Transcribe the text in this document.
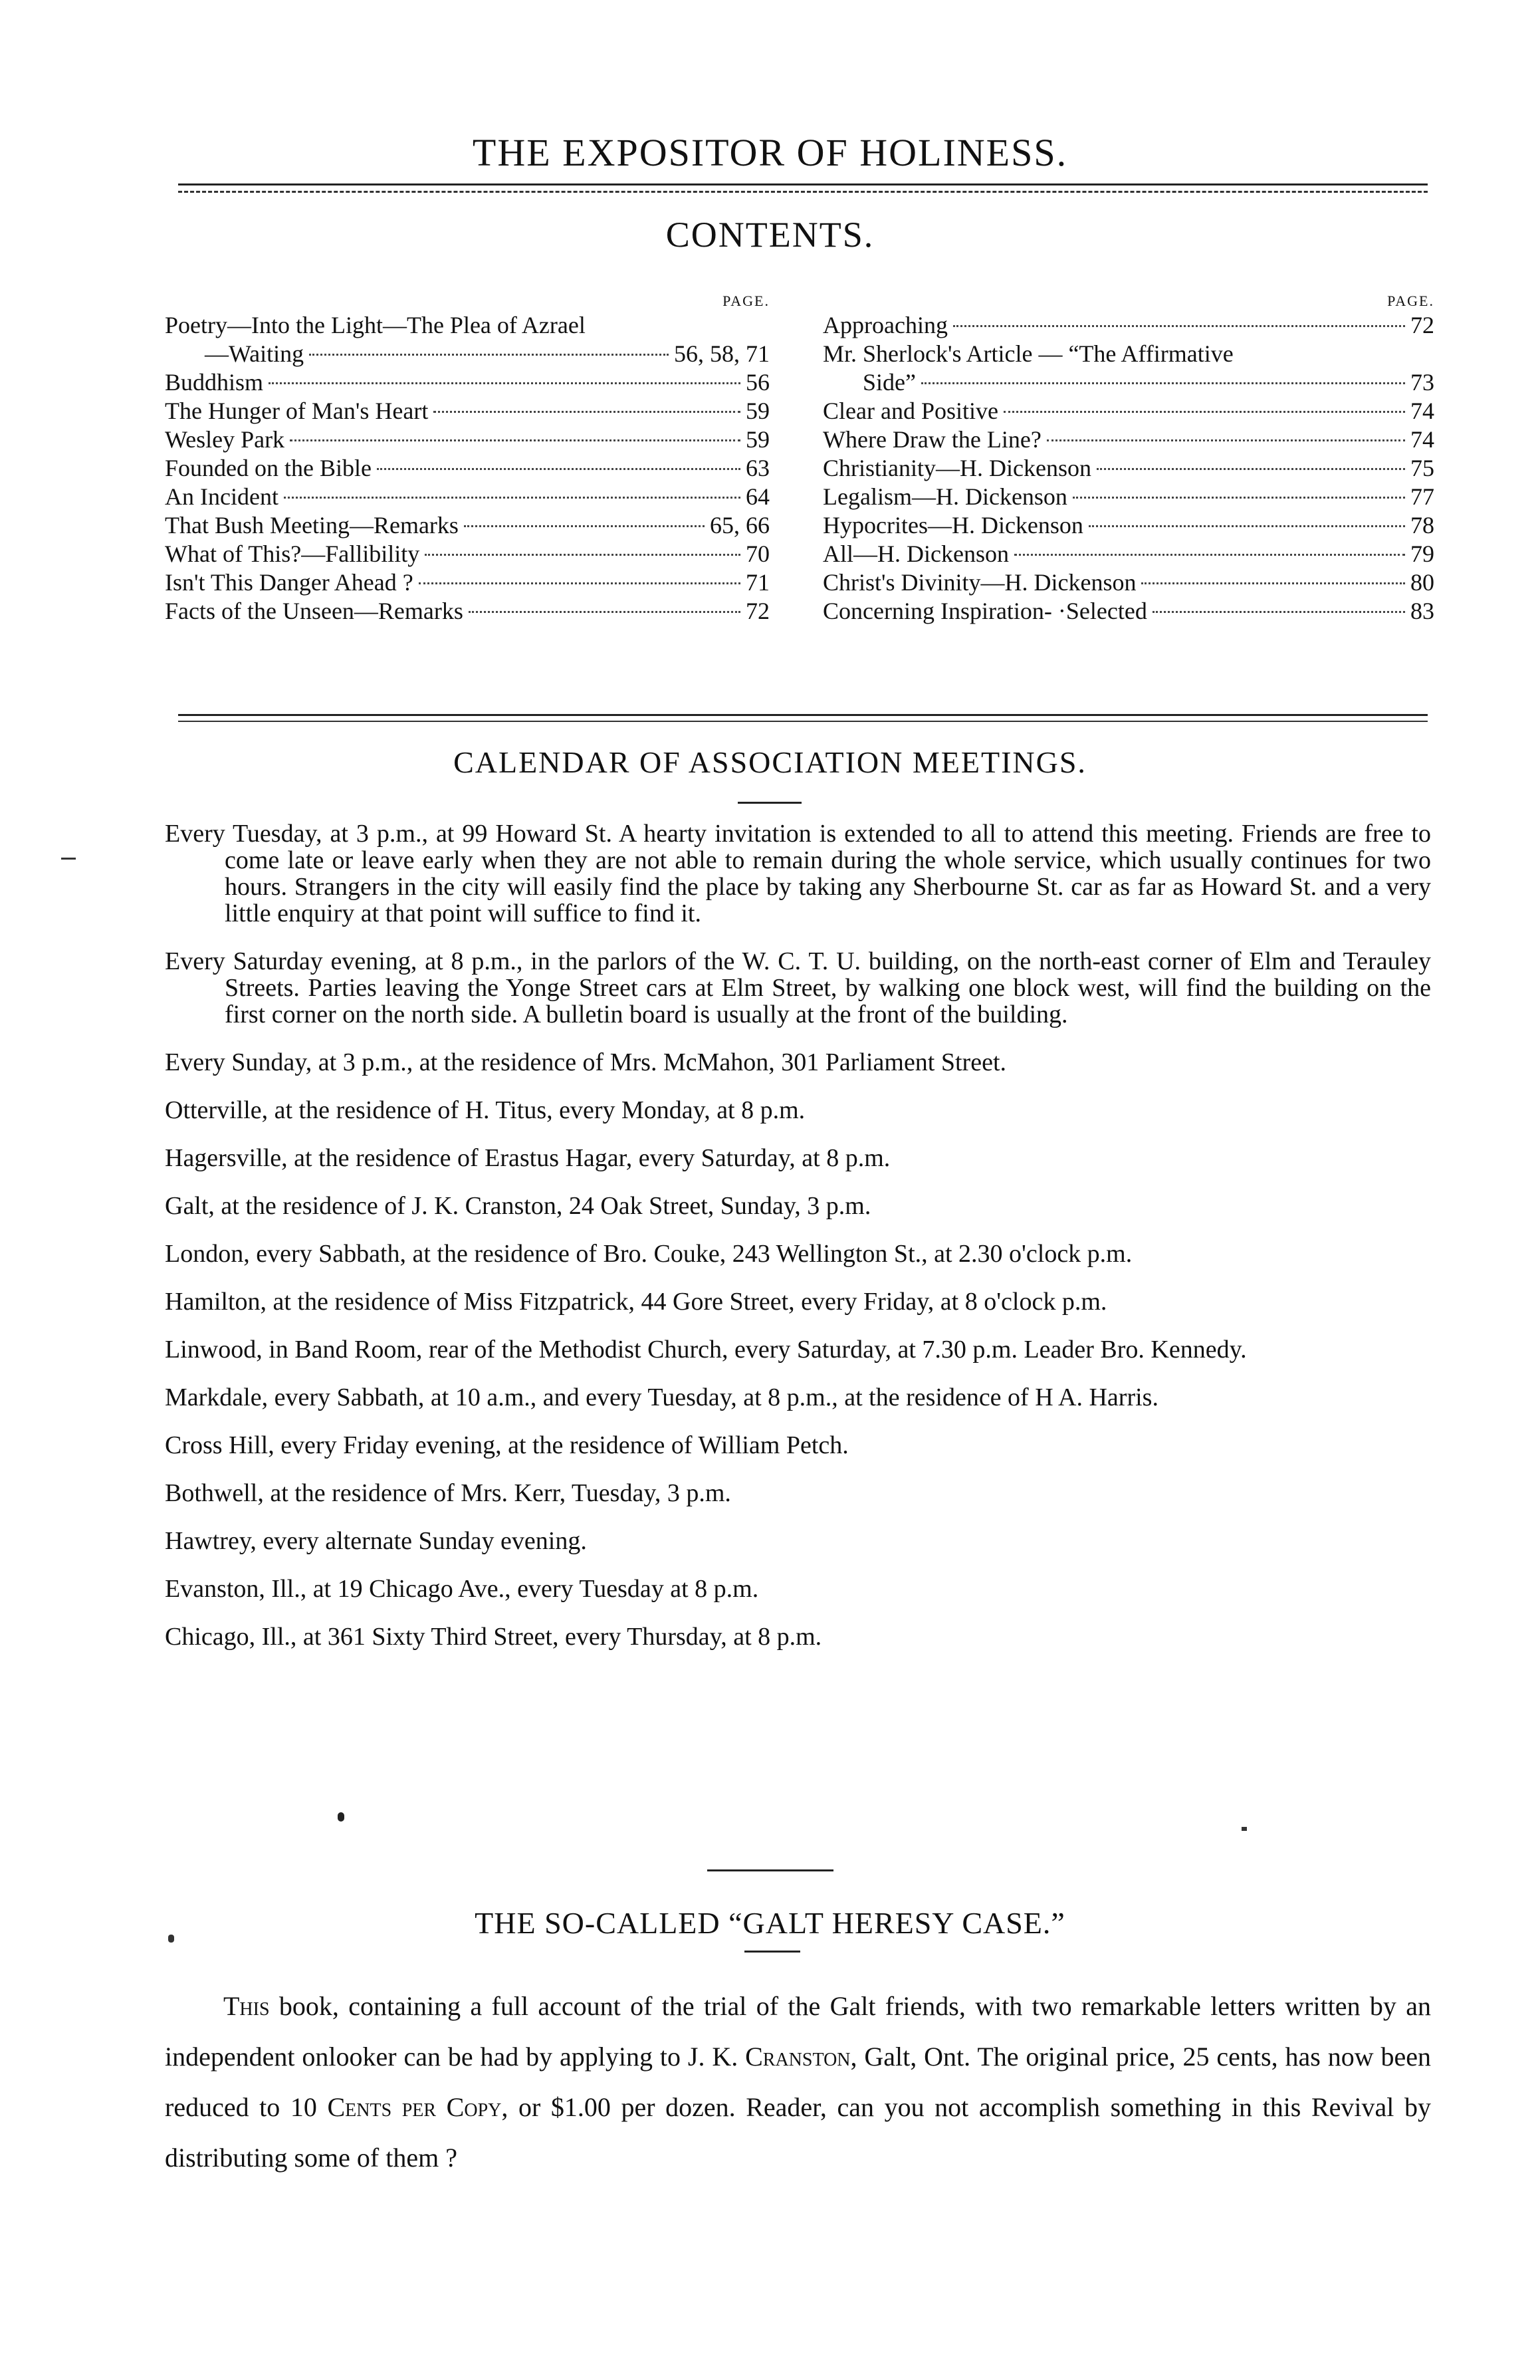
THE EXPOSITOR OF HOLINESS.
CONTENTS.
PAGE.
Poetry—Into the Light—The Plea of Azrael
—Waiting	56, 58, 71
Buddhism	56
The Hunger of Man's Heart	59
Wesley Park	59
Founded on the Bible	63
An Incident	64
That Bush Meeting—Remarks	65, 66
What of This?—Fallibility	70
Isn't This Danger Ahead ?	71
Facts of the Unseen—Remarks	72
PAGE.
Approaching	72
Mr. Sherlock's Article — “The Affirmative
Side”	73
Clear and Positive	74
Where Draw the Line?	74
Christianity—H. Dickenson	75
Legalism—H. Dickenson	77
Hypocrites—H. Dickenson	78
All—H. Dickenson	79
Christ's Divinity—H. Dickenson	80
Concerning Inspiration- ·Selected	83
CALENDAR OF ASSOCIATION MEETINGS.

Every Tuesday, at 3 p.m., at 99 Howard St. A hearty invitation is extended to all to attend this meeting. Friends are free to come late or leave early when they are not able to remain during the whole service, which usually continues for two hours. Strangers in the city will easily find the place by taking any Sherbourne St. car as far as Howard St. and a very little enquiry at that point will suffice to find it.

Every Saturday evening, at 8 p.m., in the parlors of the W. C. T. U. building, on the north-east corner of Elm and Terauley Streets. Parties leaving the Yonge Street cars at Elm Street, by walking one block west, will find the building on the first corner on the north side. A bulletin board is usually at the front of the building.

Every Sunday, at 3 p.m., at the residence of Mrs. McMahon, 301 Parliament Street.

Otterville, at the residence of H. Titus, every Monday, at 8 p.m.

Hagersville, at the residence of Erastus Hagar, every Saturday, at 8 p.m.

Galt, at the residence of J. K. Cranston, 24 Oak Street, Sunday, 3 p.m.

London, every Sabbath, at the residence of Bro. Couke, 243 Wellington St., at 2.30 o'clock p.m.

Hamilton, at the residence of Miss Fitzpatrick, 44 Gore Street, every Friday, at 8 o'clock p.m.

Linwood, in Band Room, rear of the Methodist Church, every Saturday, at 7.30 p.m. Leader Bro. Kennedy.

Markdale, every Sabbath, at 10 a.m., and every Tuesday, at 8 p.m., at the residence of H A. Harris.

Cross Hill, every Friday evening, at the residence of William Petch.

Bothwell, at the residence of Mrs. Kerr, Tuesday, 3 p.m.

Hawtrey, every alternate Sunday evening.

Evanston, Ill., at 19 Chicago Ave., every Tuesday at 8 p.m.

Chicago, Ill., at 361 Sixty Third Street, every Thursday, at 8 p.m.

THE SO-CALLED “GALT HERESY CASE.”

This book, containing a full account of the trial of the Galt friends, with two remarkable letters written by an independent onlooker can be had by applying to J. K. Cranston, Galt, Ont. The original price, 25 cents, has now been reduced to 10 Cents per Copy, or $1.00 per dozen. Reader, can you not accomplish something in this Revival by distributing some of them ?
